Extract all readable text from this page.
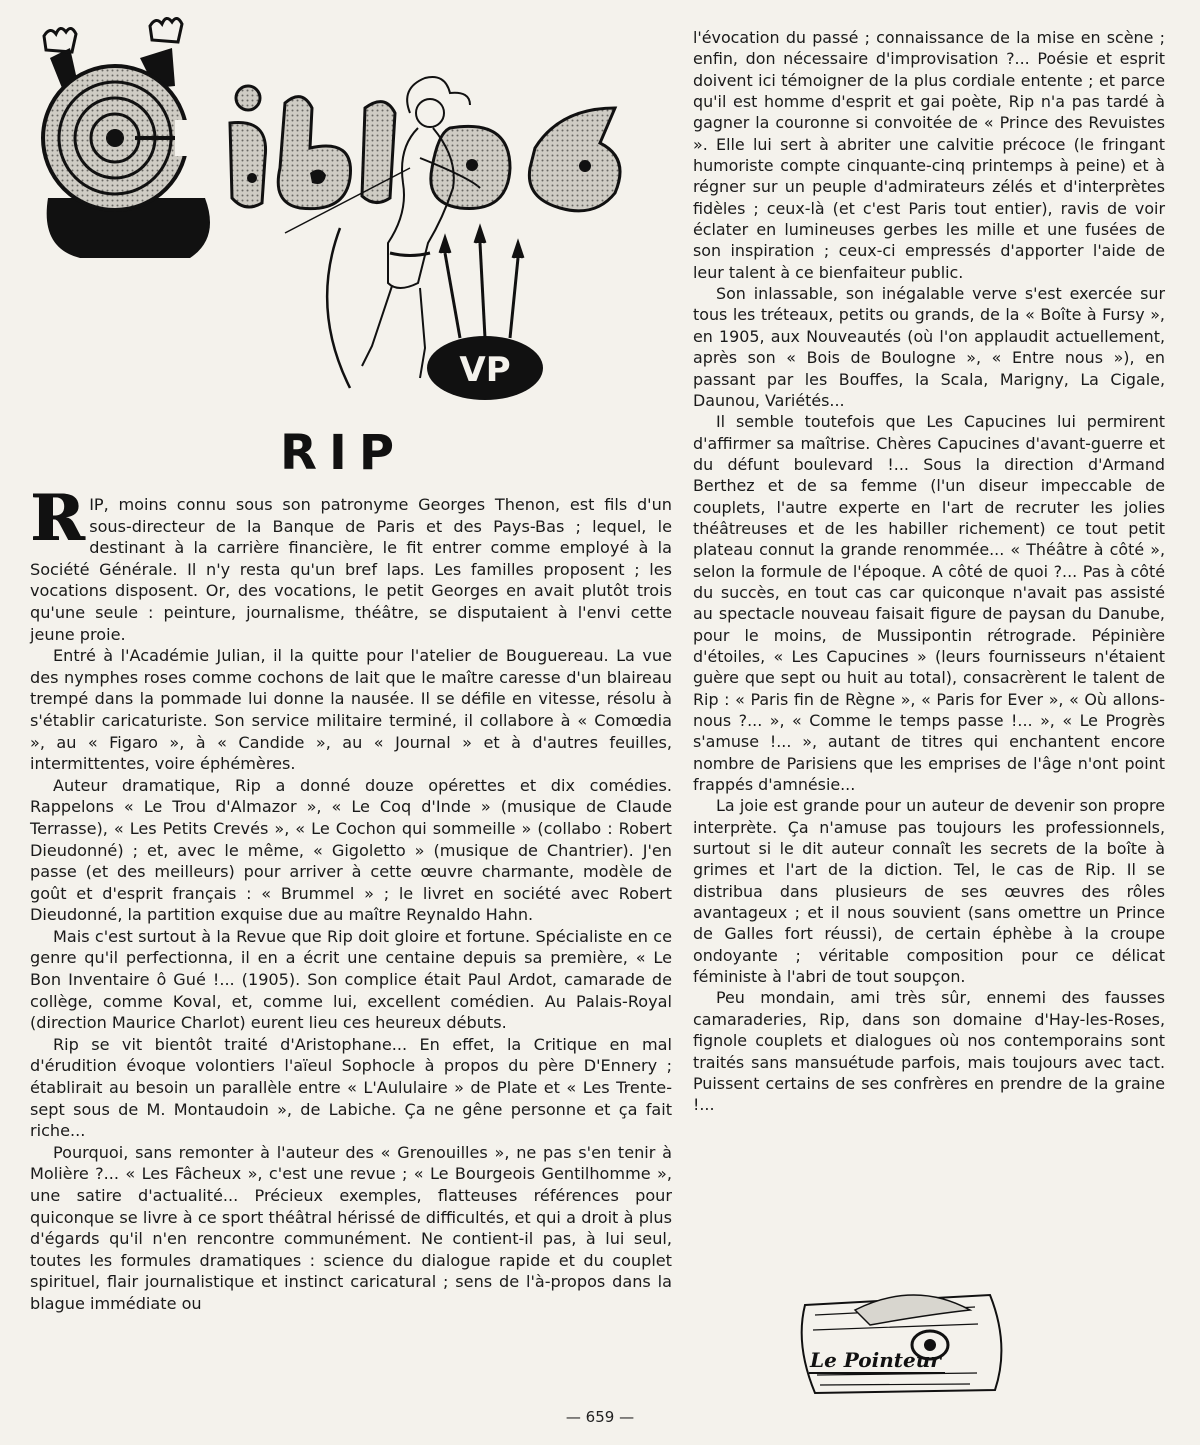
VP
RIP

RIP, moins connu sous son patronyme Georges Thenon, est fils d'un sous-directeur de la Banque de Paris et des Pays-Bas ; lequel, le destinant à la carrière financière, le fit entrer comme employé à la Société Générale. Il n'y resta qu'un bref laps. Les familles proposent ; les vocations disposent. Or, des vocations, le petit Georges en avait plutôt trois qu'une seule : peinture, journalisme, théâtre, se disputaient à l'envi cette jeune proie.

Entré à l'Académie Julian, il la quitte pour l'atelier de Bouguereau. La vue des nymphes roses comme cochons de lait que le maître caresse d'un blaireau trempé dans la pommade lui donne la nausée. Il se défile en vitesse, résolu à s'établir caricaturiste. Son service militaire terminé, il collabore à « Comœdia », au « Figaro », à « Candide », au « Journal » et à d'autres feuilles, intermittentes, voire éphémères.

Auteur dramatique, Rip a donné douze opérettes et dix comédies. Rappelons « Le Trou d'Almazor », « Le Coq d'Inde » (musique de Claude Terrasse), « Les Petits Crevés », « Le Cochon qui sommeille » (collabo : Robert Dieudonné) ; et, avec le même, « Gigoletto » (musique de Chantrier). J'en passe (et des meilleurs) pour arriver à cette œuvre charmante, modèle de goût et d'esprit français : « Brummel » ; le livret en société avec Robert Dieudonné, la partition exquise due au maître Reynaldo Hahn.

Mais c'est surtout à la Revue que Rip doit gloire et fortune. Spécialiste en ce genre qu'il perfectionna, il en a écrit une centaine depuis sa première, « Le Bon Inventaire ô Gué !... (1905). Son complice était Paul Ardot, camarade de collège, comme Koval, et, comme lui, excellent comédien. Au Palais-Royal (direction Maurice Charlot) eurent lieu ces heureux débuts.

Rip se vit bientôt traité d'Aristophane... En effet, la Critique en mal d'érudition évoque volontiers l'aïeul Sophocle à propos du père D'Ennery ; établirait au besoin un parallèle entre « L'Aululaire » de Plate et « Les Trente-sept sous de M. Montaudoin », de Labiche. Ça ne gêne personne et ça fait riche...

Pourquoi, sans remonter à l'auteur des « Grenouilles », ne pas s'en tenir à Molière ?... « Les Fâcheux », c'est une revue ; « Le Bourgeois Gentilhomme », une satire d'actualité... Précieux exemples, flatteuses références pour quiconque se livre à ce sport théâtral hérissé de difficultés, et qui a droit à plus d'égards qu'il n'en rencontre communément. Ne contient-il pas, à lui seul, toutes les formules dramatiques : science du dialogue rapide et du couplet spirituel, flair journalistique et instinct caricatural ; sens de l'à-propos dans la blague immédiate ou

l'évocation du passé ; connaissance de la mise en scène ; enfin, don nécessaire d'improvisation ?... Poésie et esprit doivent ici témoigner de la plus cordiale entente ; et parce qu'il est homme d'esprit et gai poète, Rip n'a pas tardé à gagner la couronne si convoitée de « Prince des Revuistes ». Elle lui sert à abriter une calvitie précoce (le fringant humoriste compte cinquante-cinq printemps à peine) et à régner sur un peuple d'admirateurs zélés et d'interprètes fidèles ; ceux-là (et c'est Paris tout entier), ravis de voir éclater en lumineuses gerbes les mille et une fusées de son inspiration ; ceux-ci empressés d'apporter l'aide de leur talent à ce bienfaiteur public.

Son inlassable, son inégalable verve s'est exercée sur tous les tréteaux, petits ou grands, de la « Boîte à Fursy », en 1905, aux Nouveautés (où l'on applaudit actuellement, après son « Bois de Boulogne », « Entre nous »), en passant par les Bouffes, la Scala, Marigny, La Cigale, Daunou, Variétés...

Il semble toutefois que Les Capucines lui permirent d'affirmer sa maîtrise. Chères Capucines d'avant-guerre et du défunt boulevard !... Sous la direction d'Armand Berthez et de sa femme (l'un diseur impeccable de couplets, l'autre experte en l'art de recruter les jolies théâtreuses et de les habiller richement) ce tout petit plateau connut la grande renommée... « Théâtre à côté », selon la formule de l'époque. A côté de quoi ?... Pas à côté du succès, en tout cas car quiconque n'avait pas assisté au spectacle nouveau faisait figure de paysan du Danube, pour le moins, de Mussipontin rétrograde. Pépinière d'étoiles, « Les Capucines » (leurs fournisseurs n'étaient guère que sept ou huit au total), consacrèrent le talent de Rip : « Paris fin de Règne », « Paris for Ever », « Où allons-nous ?... », « Comme le temps passe !... », « Le Progrès s'amuse !... », autant de titres qui enchantent encore nombre de Parisiens que les emprises de l'âge n'ont point frappés d'amnésie...

La joie est grande pour un auteur de devenir son propre interprète. Ça n'amuse pas toujours les professionnels, surtout si le dit auteur connaît les secrets de la boîte à grimes et l'art de la diction. Tel, le cas de Rip. Il se distribua dans plusieurs de ses œuvres des rôles avantageux ; et il nous souvient (sans omettre un Prince de Galles fort réussi), de certain éphèbe à la croupe ondoyante ; véritable composition pour ce délicat féministe à l'abri de tout soupçon.

Peu mondain, ami très sûr, ennemi des fausses camaraderies, Rip, dans son domaine d'Hay-les-Roses, fignole couplets et dialogues où nos contemporains sont traités sans mansuétude parfois, mais toujours avec tact. Puissent certains de ses confrères en prendre de la graine !...

Le Pointeur
— 659 —
